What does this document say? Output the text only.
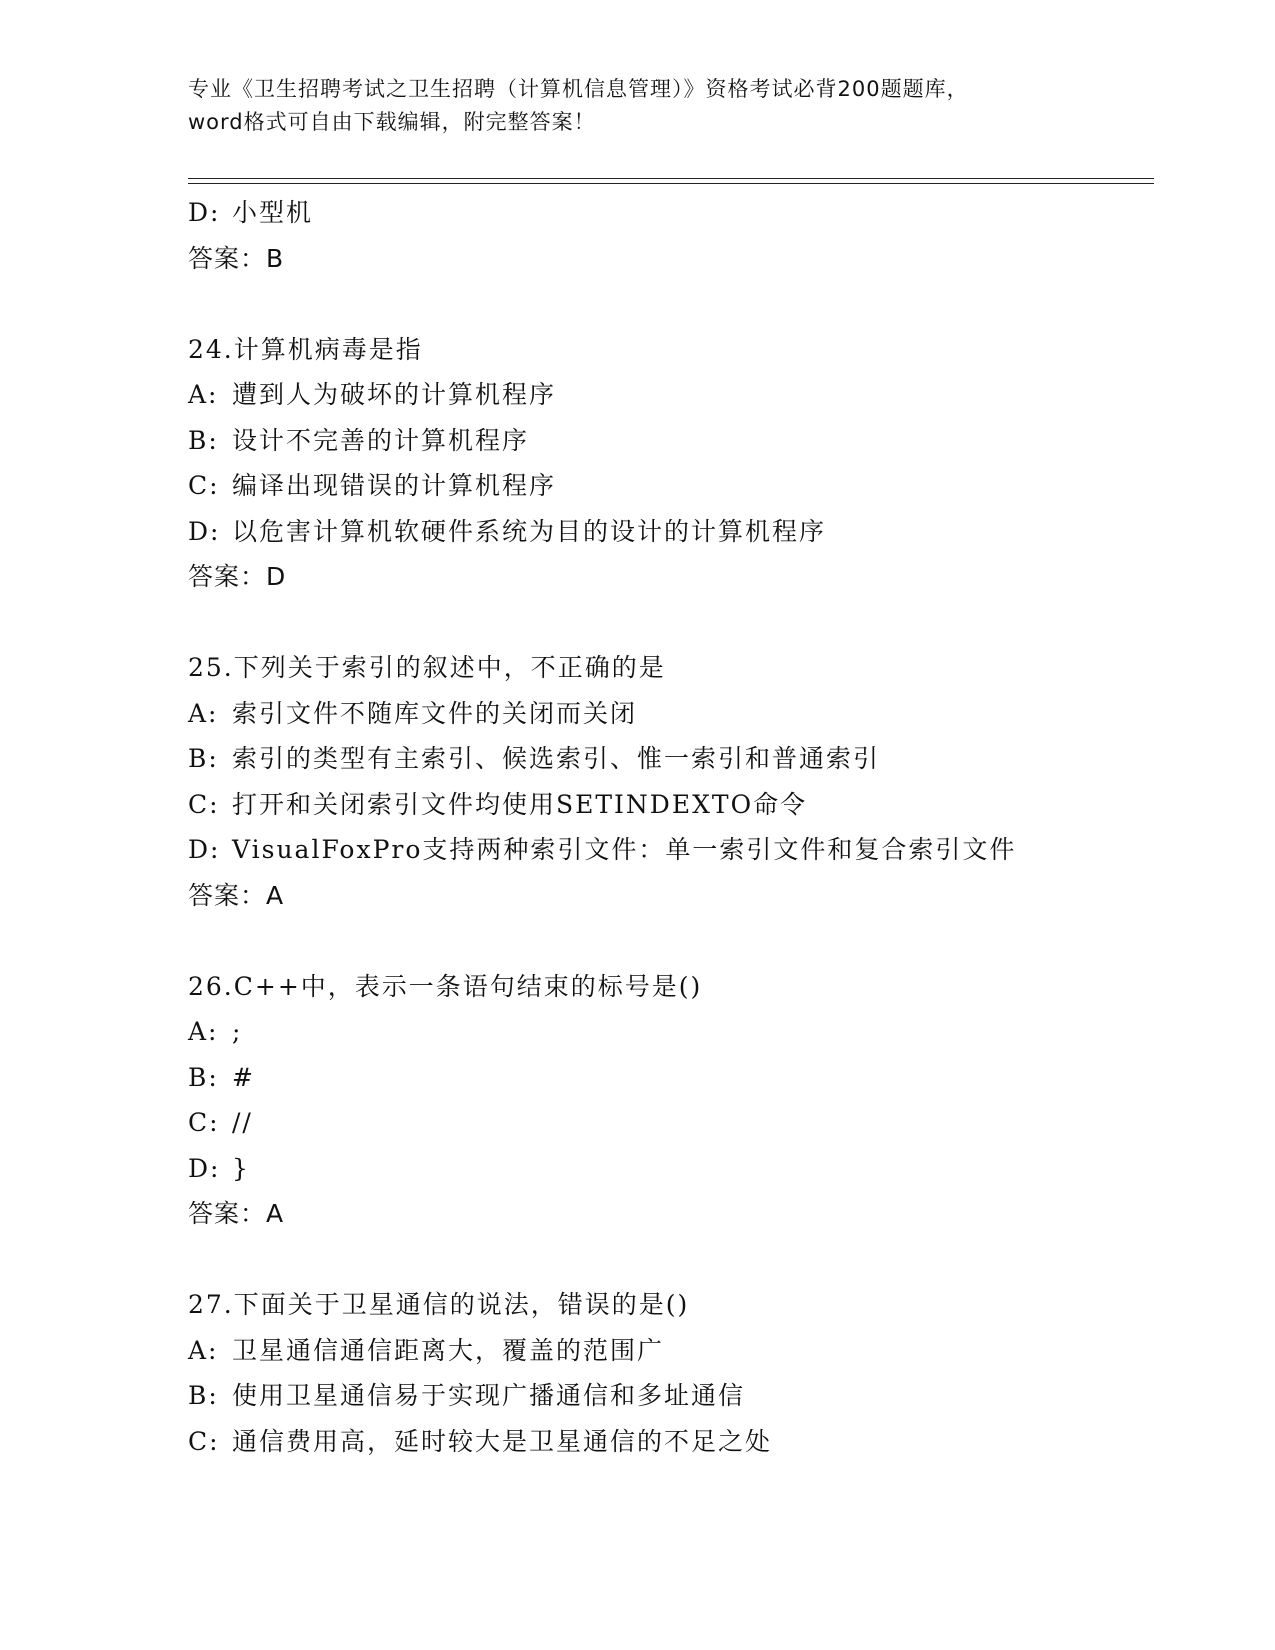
专业《卫生招聘考试之卫生招聘（计算机信息管理）》资格考试必背200题题库，
word格式可自由下载编辑，附完整答案！
D: 小型机
答案：B
24.计算机病毒是指
A: 遭到人为破坏的计算机程序
B: 设计不完善的计算机程序
C: 编译出现错误的计算机程序
D: 以危害计算机软硬件系统为目的设计的计算机程序
答案：D
25.下列关于索引的叙述中，不正确的是
A: 索引文件不随库文件的关闭而关闭
B: 索引的类型有主索引、候选索引、惟一索引和普通索引
C: 打开和关闭索引文件均使用SETINDEXTO命令
D: VisualFoxPro支持两种索引文件：单一索引文件和复合索引文件
答案：A
26.C++中，表示一条语句结束的标号是()
A: ;
B: #
C: //
D: }
答案：A
27.下面关于卫星通信的说法，错误的是()
A: 卫星通信通信距离大，覆盖的范围广
B: 使用卫星通信易于实现广播通信和多址通信
C: 通信费用高，延时较大是卫星通信的不足之处
